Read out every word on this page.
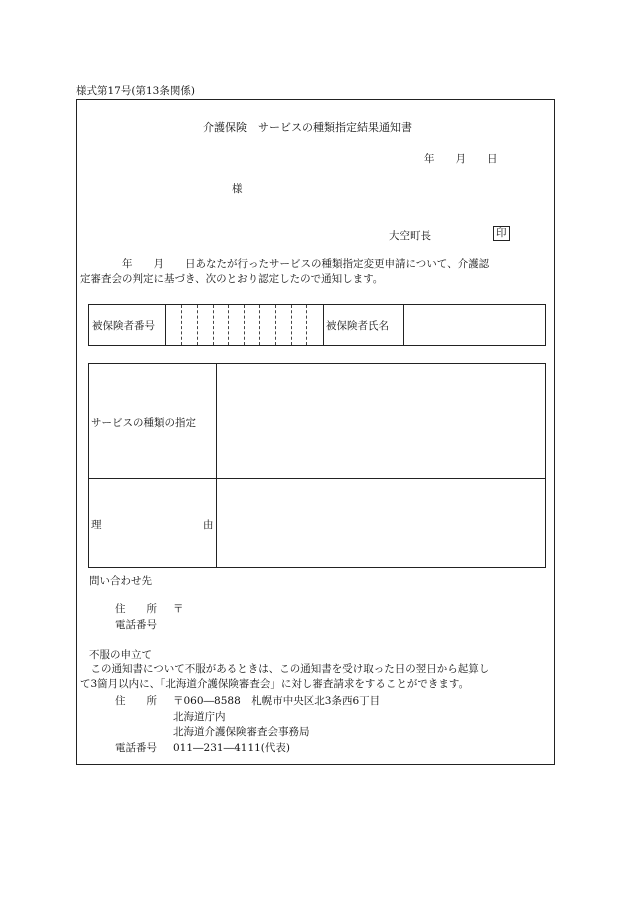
様式第17号(第13条関係)
介護保険　サービスの種類指定結果通知書
年　　月　　日
様
大空町長	印
　　　　年　　月　　日あなたが行ったサービスの種類指定変更申請について、介護認
定審査会の判定に基づき、次のとおり認定したので通知します。
被保険者番号	被保険者氏名
サービスの種類の指定
理	由
問い合わせ先
住　　所 〒
電話番号
不服の申立て
　この通知書について不服があるときは、この通知書を受け取った日の翌日から起算し
て3箇月以内に、「北海道介護保険審査会」に対し審査請求をすることができます。
住　　所 〒060―8588　札幌市中央区北3条西6丁目
北海道庁内
北海道介護保険審査会事務局
電話番号 011―231―4111(代表)
